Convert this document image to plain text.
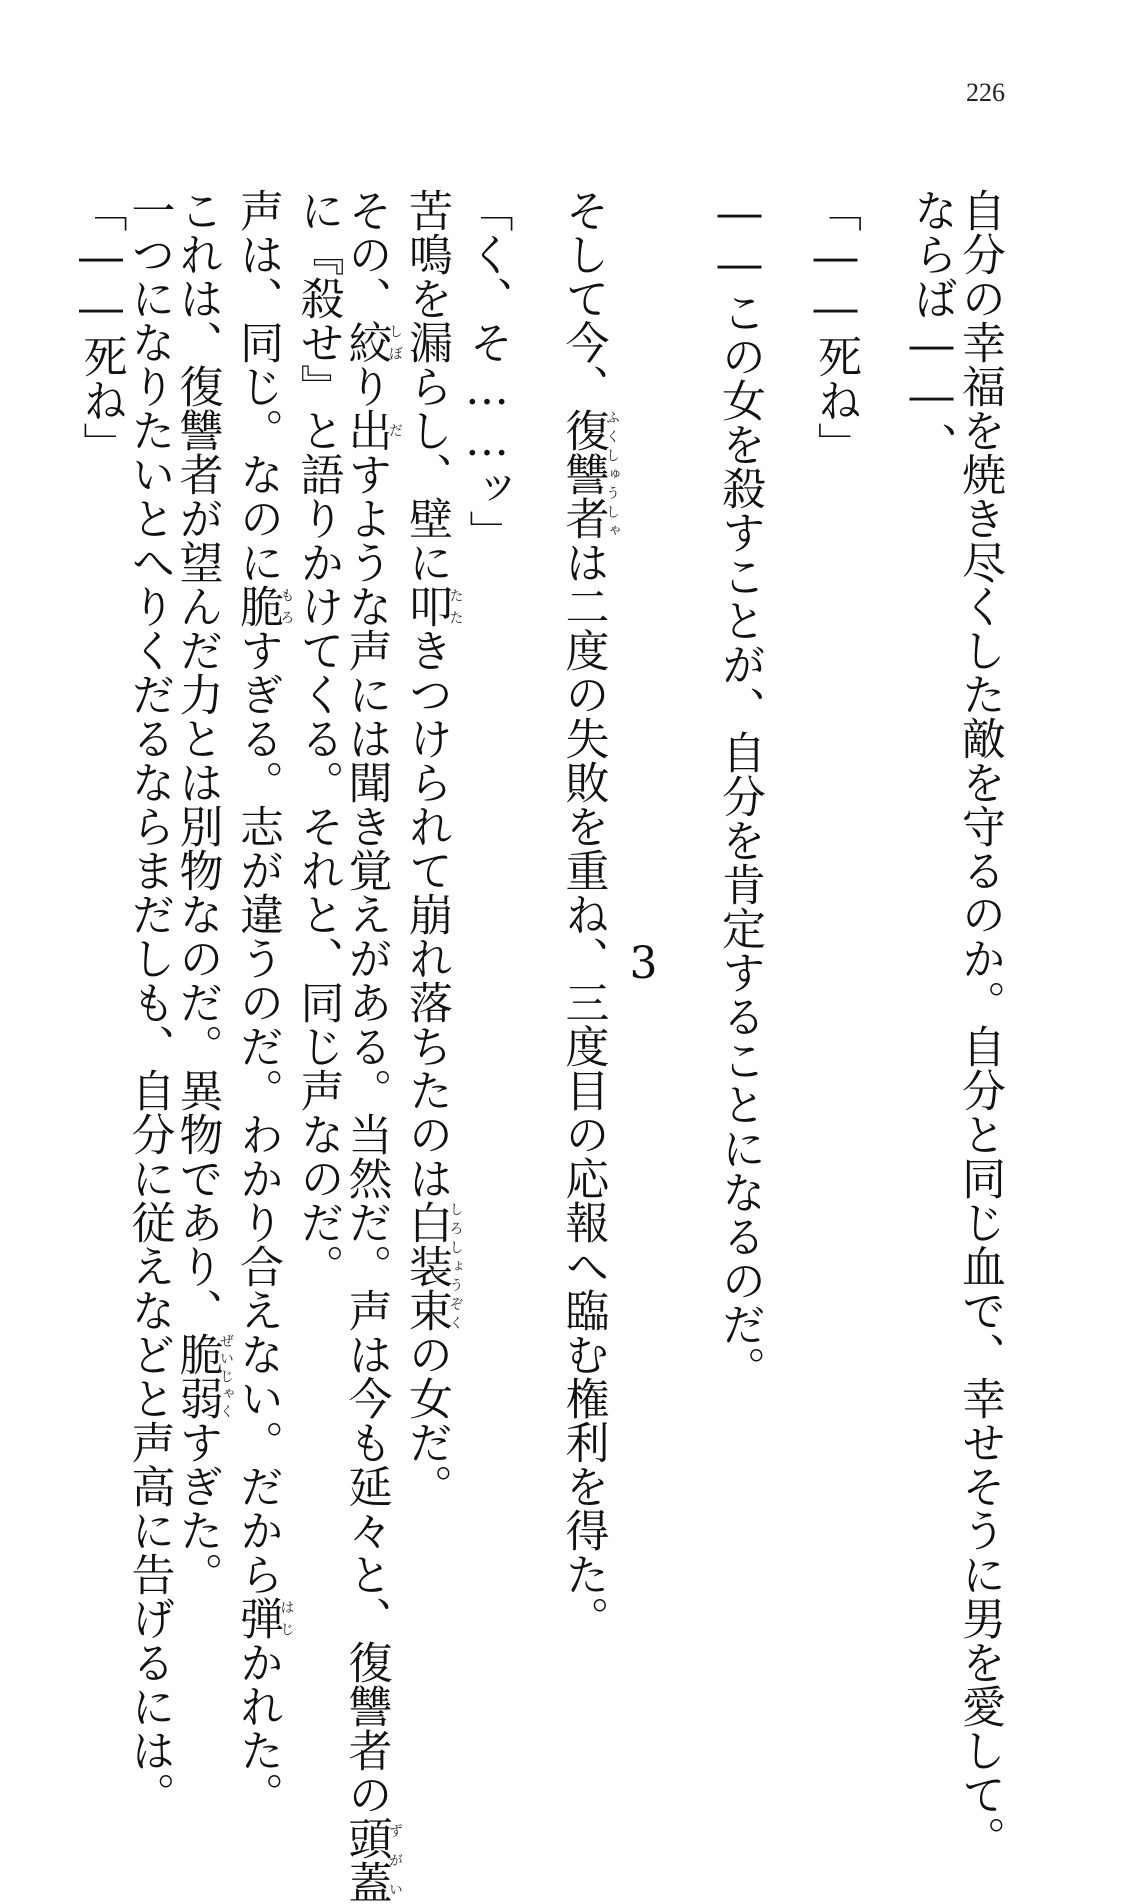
226
自分の幸福を焼き尽くした敵を守るのか。自分と同じ血で、幸せそうに男を愛して。
ならば――、

「――死ね」

――この女を殺すことが、自分を肯定することになるのだ。

3
そして今、復讐者ふくしゅうしゃは二度の失敗を重ね、三度目の応報へ臨む権利を得た。

「く、そ……ッ」
苦鳴を漏らし、壁に叩たたきつけられて崩れ落ちたのは白装束しろしょうぞくの女だ。
その、絞しぼり出だすような声には聞き覚えがある。当然だ。声は今も延々と、復讐者の頭蓋ずがい
に『殺せ』と語りかけてくる。それと、同じ声なのだ。
声は、同じ。なのに脆もろすぎる。志が違うのだ。わかり合えない。だから弾はじかれた。
これは、復讐者が望んだ力とは別物なのだ。異物であり、脆弱ぜいじゃくすぎた。
一つになりたいとへりくだるならまだしも、自分に従えなどと声高に告げるには。
「――死ね」
